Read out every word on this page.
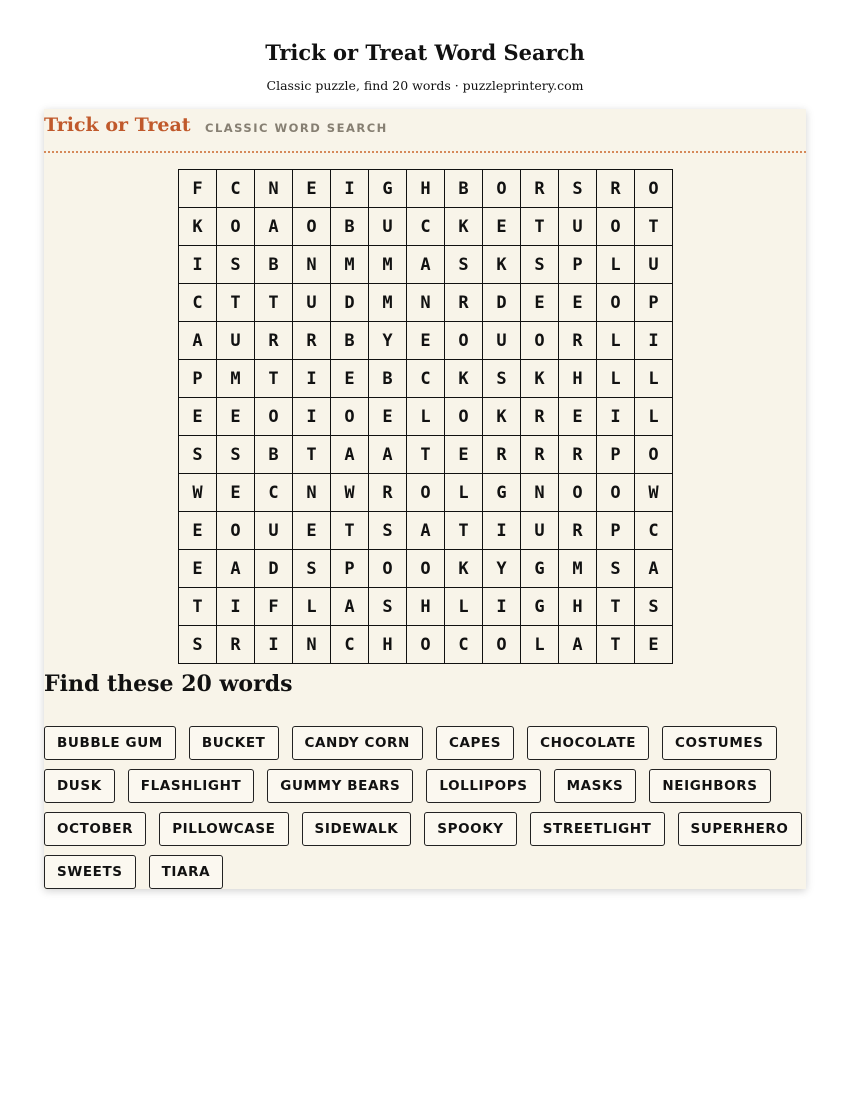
Trick or Treat Word Search
Classic puzzle, find 20 words · puzzleprintery.com
Trick or Treat CLASSIC WORD SEARCH
F	C	N	E	I	G	H	B	O	R	S	R	O
K	O	A	O	B	U	C	K	E	T	U	O	T
I	S	B	N	M	M	A	S	K	S	P	L	U
C	T	T	U	D	M	N	R	D	E	E	O	P
A	U	R	R	B	Y	E	O	U	O	R	L	I
P	M	T	I	E	B	C	K	S	K	H	L	L
E	E	O	I	O	E	L	O	K	R	E	I	L
S	S	B	T	A	A	T	E	R	R	R	P	O
W	E	C	N	W	R	O	L	G	N	O	O	W
E	O	U	E	T	S	A	T	I	U	R	P	C
E	A	D	S	P	O	O	K	Y	G	M	S	A
T	I	F	L	A	S	H	L	I	G	H	T	S
S	R	I	N	C	H	O	C	O	L	A	T	E
Find these 20 words
BUBBLE GUM	BUCKET	CANDY CORN	CAPES	CHOCOLATE	COSTUMES
DUSK	FLASHLIGHT	GUMMY BEARS	LOLLIPOPS	MASKS	NEIGHBORS
OCTOBER	PILLOWCASE	SIDEWALK	SPOOKY	STREETLIGHT	SUPERHERO
SWEETS	TIARA
